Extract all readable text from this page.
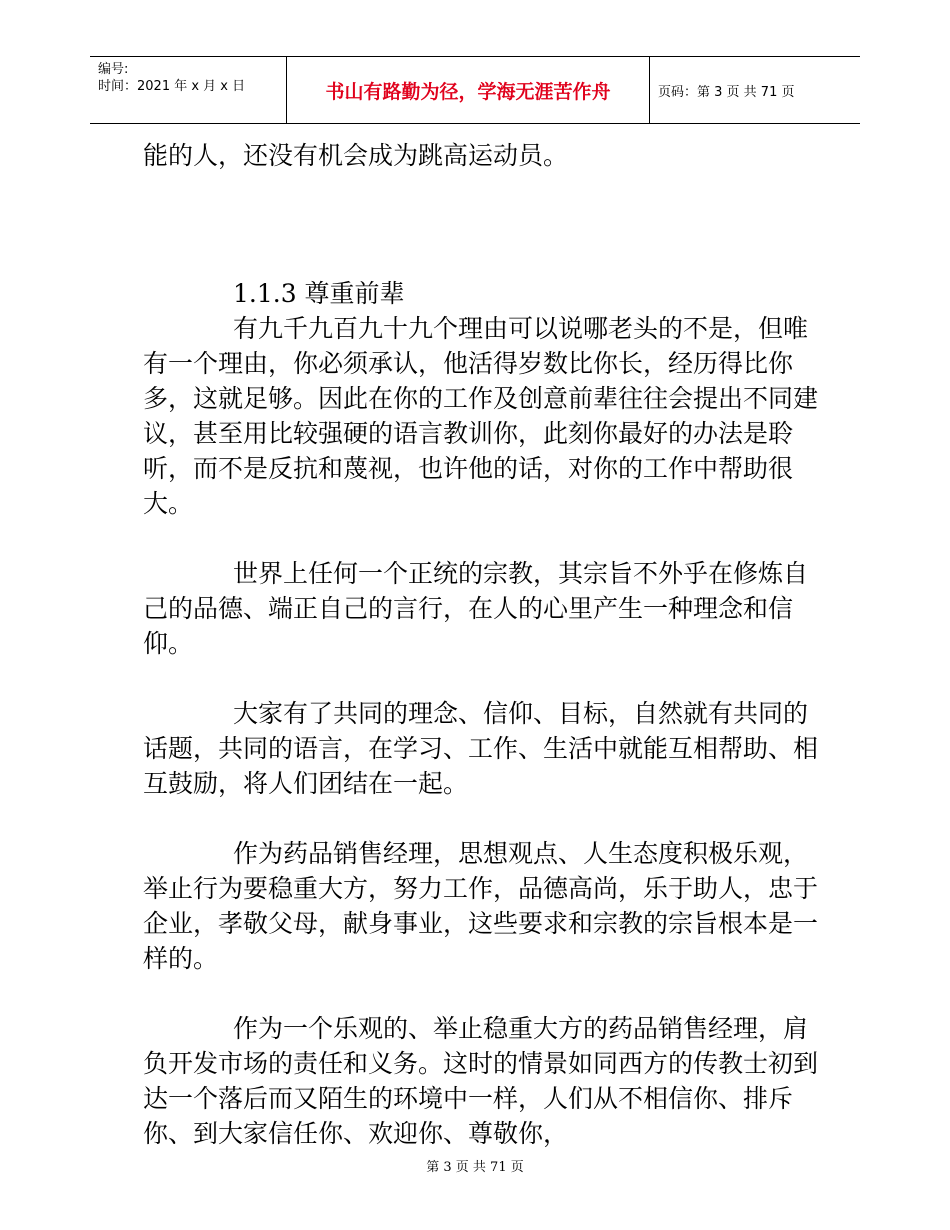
编号:
时间：2021 年 x 月 x 日	书山有路勤为径，学海无涯苦作舟	页码：第 3 页 共 71 页

能的人，还没有机会成为跳高运动员。

1.1.3 尊重前辈

有九千九百九十九个理由可以说哪老头的不是，但唯有一个理由，你必须承认，他活得岁数比你长，经历得比你多，这就足够。因此在你的工作及创意前辈往往会提出不同建议，甚至用比较强硬的语言教训你，此刻你最好的办法是聆听，而不是反抗和蔑视，也许他的话，对你的工作中帮助很大。

世界上任何一个正统的宗教，其宗旨不外乎在修炼自己的品德、端正自己的言行，在人的心里产生一种理念和信仰。

大家有了共同的理念、信仰、目标，自然就有共同的话题，共同的语言，在学习、工作、生活中就能互相帮助、相互鼓励，将人们团结在一起。

作为药品销售经理，思想观点、人生态度积极乐观，举止行为要稳重大方，努力工作，品德高尚，乐于助人，忠于企业，孝敬父母，献身事业，这些要求和宗教的宗旨根本是一样的。

作为一个乐观的、举止稳重大方的药品销售经理，肩负开发市场的责任和义务。这时的情景如同西方的传教士初到达一个落后而又陌生的环境中一样，人们从不相信你、排斥你、到大家信任你、欢迎你、尊敬你，

第 3 页 共 71 页
